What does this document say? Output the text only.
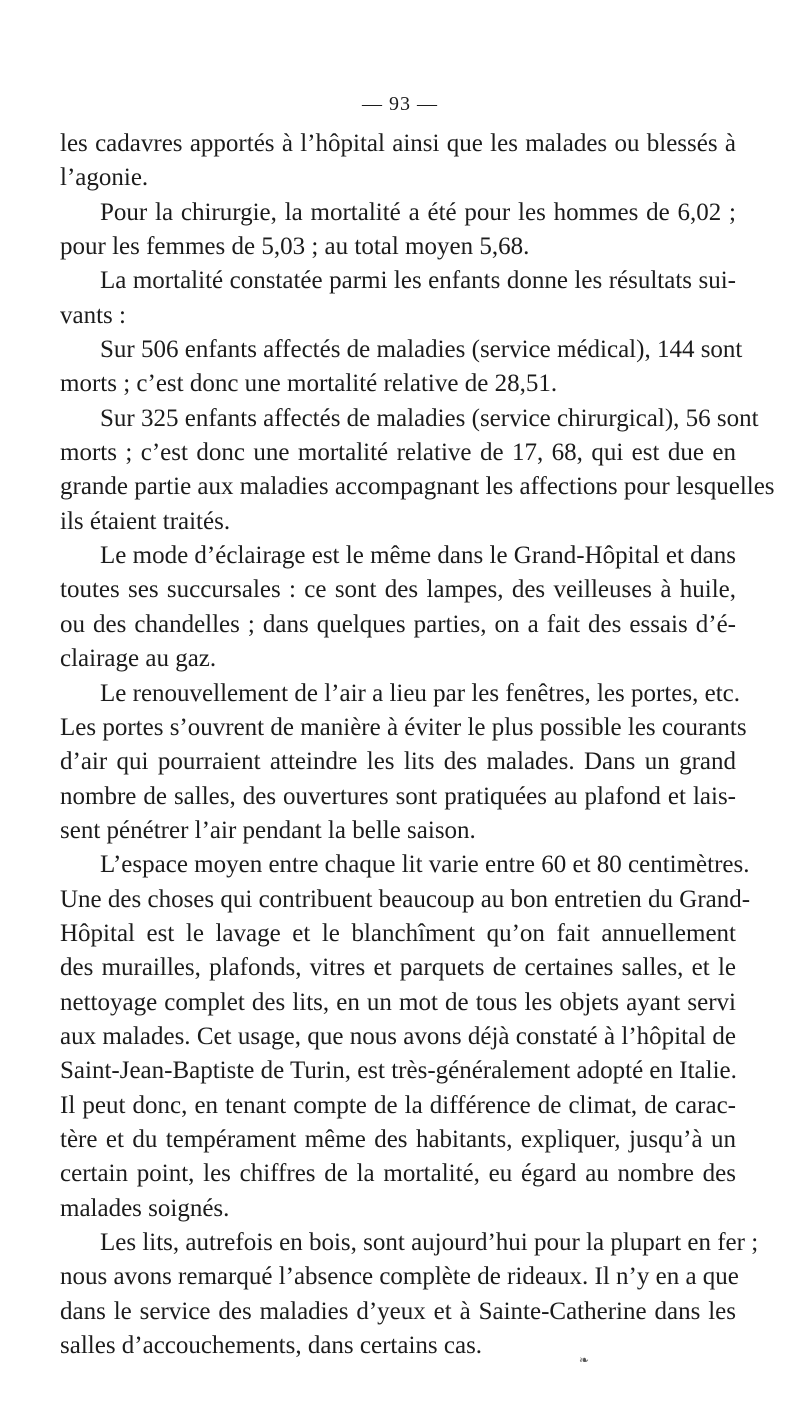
— 93 —
les cadavres apportés à l’hôpital ainsi que les malades ou blessés à
l’agonie.
Pour la chirurgie, la mortalité a été pour les hommes de 6,02 ;
pour les femmes de 5,03 ; au total moyen 5,68.
La mortalité constatée parmi les enfants donne les résultats sui-
vants :
Sur 506 enfants affectés de maladies (service médical), 144 sont
morts ; c’est donc une mortalité relative de 28,51.
Sur 325 enfants affectés de maladies (service chirurgical), 56 sont
morts ; c’est donc une mortalité relative de 17, 68, qui est due en
grande partie aux maladies accompagnant les affections pour lesquelles
ils étaient traités.
Le mode d’éclairage est le même dans le Grand-Hôpital et dans
toutes ses succursales : ce sont des lampes, des veilleuses à huile,
ou des chandelles ; dans quelques parties, on a fait des essais d’é-
clairage au gaz.
Le renouvellement de l’air a lieu par les fenêtres, les portes, etc.
Les portes s’ouvrent de manière à éviter le plus possible les courants
d’air qui pourraient atteindre les lits des malades. Dans un grand
nombre de salles, des ouvertures sont pratiquées au plafond et lais-
sent pénétrer l’air pendant la belle saison.
L’espace moyen entre chaque lit varie entre 60 et 80 centimètres.
Une des choses qui contribuent beaucoup au bon entretien du Grand-
Hôpital est le lavage et le blanchîment qu’on fait annuellement
des murailles, plafonds, vitres et parquets de certaines salles, et le
nettoyage complet des lits, en un mot de tous les objets ayant servi
aux malades. Cet usage, que nous avons déjà constaté à l’hôpital de
Saint-Jean-Baptiste de Turin, est très-généralement adopté en Italie.
Il peut donc, en tenant compte de la différence de climat, de carac-
tère et du tempérament même des habitants, expliquer, jusqu’à un
certain point, les chiffres de la mortalité, eu égard au nombre des
malades soignés.
Les lits, autrefois en bois, sont aujourd’hui pour la plupart en fer ;
nous avons remarqué l’absence complète de rideaux. Il n’y en a que
dans le service des maladies d’yeux et à Sainte-Catherine dans les
salles d’accouchements, dans certains cas.
❧
